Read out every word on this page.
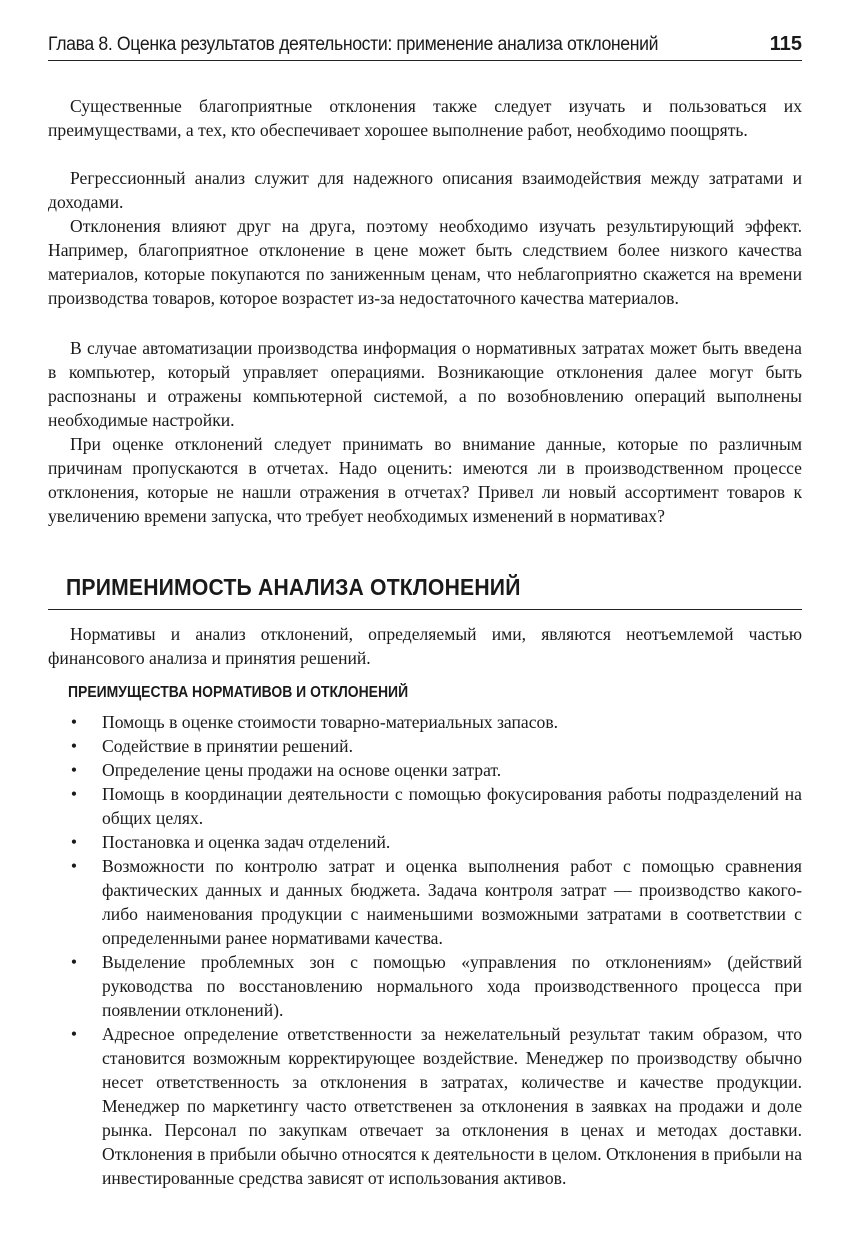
Глава 8. Оценка результатов деятельности: применение анализа отклонений	115

Существенные благоприятные отклонения также следует изучать и пользоваться их преимуществами, а тех, кто обеспечивает хорошее выполнение работ, необходимо поощрять.

Регрессионный анализ служит для надежного описания взаимодействия между затратами и доходами.

Отклонения влияют друг на друга, поэтому необходимо изучать результирующий эффект. Например, благоприятное отклонение в цене может быть следствием более низкого качества материалов, которые покупаются по заниженным ценам, что неблагоприятно скажется на времени производства товаров, которое возрастет из-за недостаточного качества материалов.

В случае автоматизации производства информация о нормативных затратах может быть введена в компьютер, который управляет операциями. Возникающие отклонения далее могут быть распознаны и отражены компьютерной системой, а по возобновлению операций выполнены необходимые настройки.

При оценке отклонений следует принимать во внимание данные, которые по различным причинам пропускаются в отчетах. Надо оценить: имеются ли в производственном процессе отклонения, которые не нашли отражения в отчетах? Привел ли новый ассортимент товаров к увеличению времени запуска, что требует необходимых изменений в нормативах?

ПРИМЕНИМОСТЬ АНАЛИЗА ОТКЛОНЕНИЙ

Нормативы и анализ отклонений, определяемый ими, являются неотъемлемой частью финансового анализа и принятия решений.

ПРЕИМУЩЕСТВА НОРМАТИВОВ И ОТКЛОНЕНИЙ
• Помощь в оценке стоимости товарно-материальных запасов.
• Содействие в принятии решений.
• Определение цены продажи на основе оценки затрат.
• Помощь в координации деятельности с помощью фокусирования работы подразделений на общих целях.
• Постановка и оценка задач отделений.
• Возможности по контролю затрат и оценка выполнения работ с помощью сравнения фактических данных и данных бюджета. Задача контроля затрат — производство какого-либо наименования продукции с наименьшими возможными затратами в соответствии с определенными ранее нормативами качества.
• Выделение проблемных зон с помощью «управления по отклонениям» (действий руководства по восстановлению нормального хода производственного процесса при появлении отклонений).
• Адресное определение ответственности за нежелательный результат таким образом, что становится возможным корректирующее воздействие. Менеджер по производству обычно несет ответственность за отклонения в затратах, количестве и качестве продукции. Менеджер по маркетингу часто ответственен за отклонения в заявках на продажи и доле рынка. Персонал по закупкам отвечает за отклонения в ценах и методах доставки. Отклонения в прибыли обычно относятся к деятельности в целом. Отклонения в прибыли на инвестированные средства зависят от использования активов.
